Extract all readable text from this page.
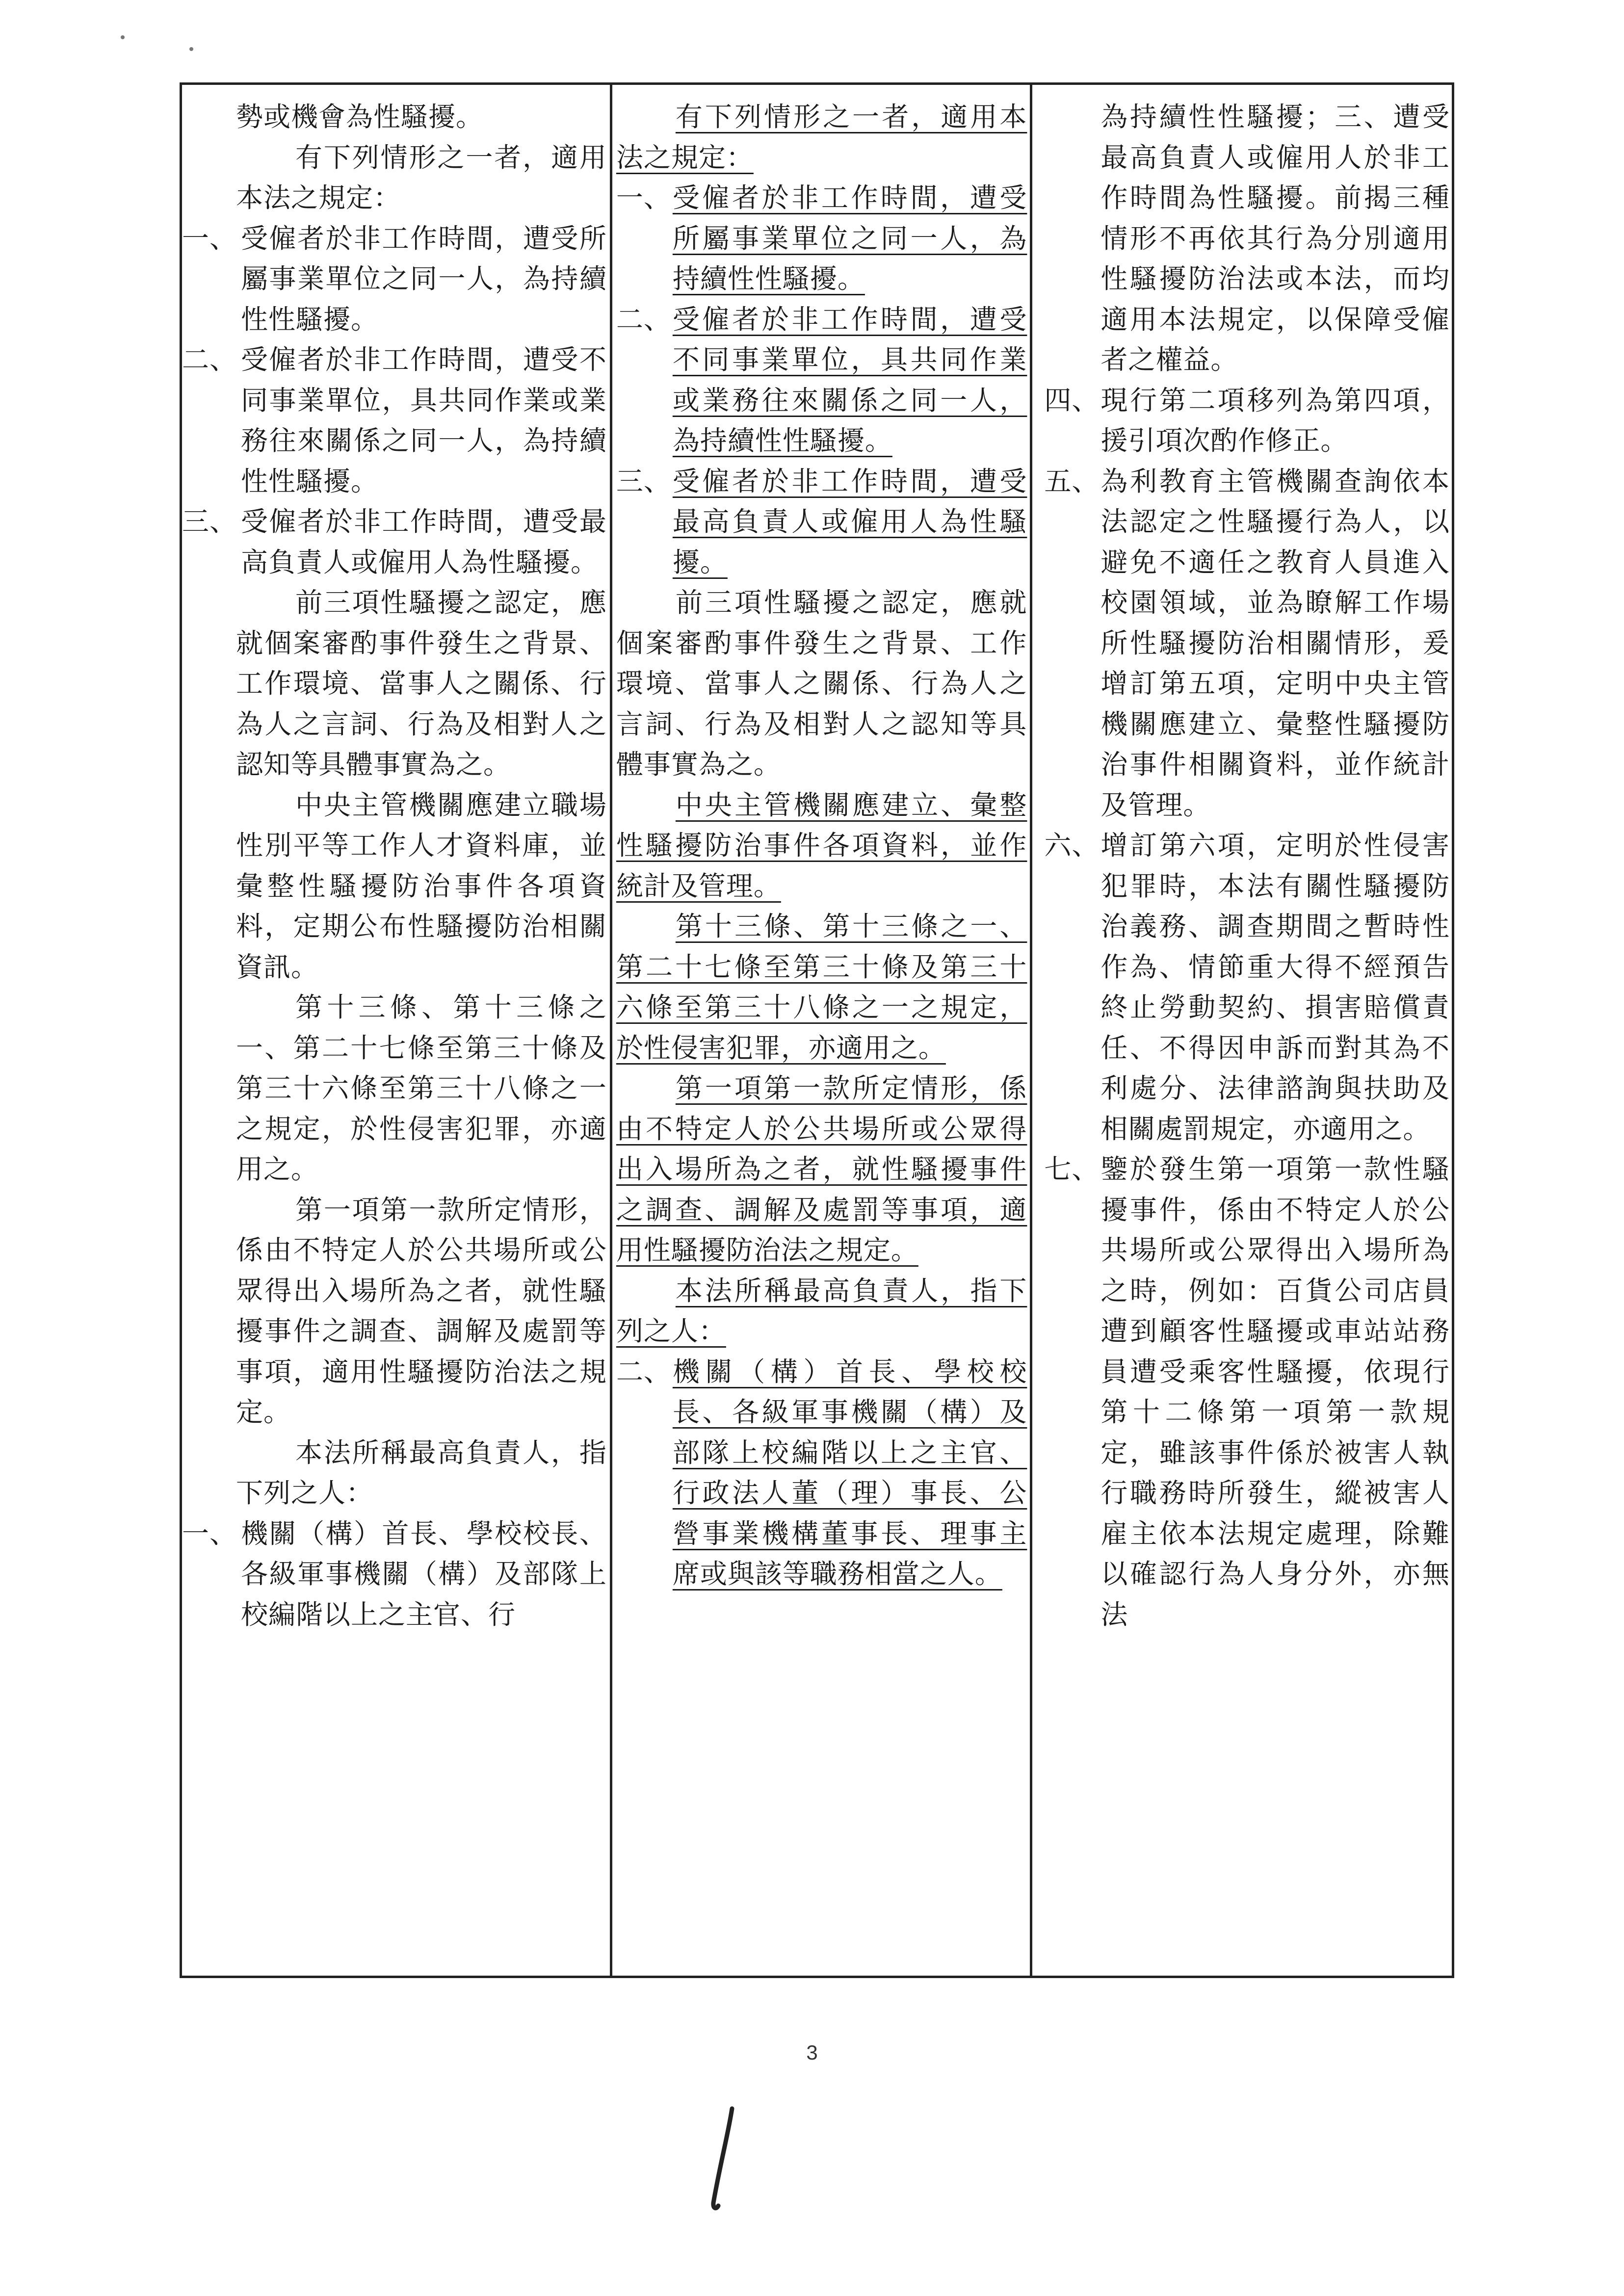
勢或機會為性騷擾。

有下列情形之一者，適用本法之規定：

一、 受僱者於非工作時間，遭受所屬事業單位之同一人，為持續性性騷擾。
二、 受僱者於非工作時間，遭受不同事業單位，具共同作業或業務往來關係之同一人，為持續性性騷擾。
三、 受僱者於非工作時間，遭受最高負責人或僱用人為性騷擾。

前三項性騷擾之認定，應就個案審酌事件發生之背景、工作環境、當事人之關係、行為人之言詞、行為及相對人之認知等具體事實為之。

中央主管機關應建立職場性別平等工作人才資料庫，並彙整性騷擾防治事件各項資料，定期公布性騷擾防治相關資訊。

第十三條、第十三條之一、第二十七條至第三十條及第三十六條至第三十八條之一之規定，於性侵害犯罪，亦適用之。

第一項第一款所定情形，係由不特定人於公共場所或公眾得出入場所為之者，就性騷擾事件之調查、調解及處罰等事項，適用性騷擾防治法之規定。

本法所稱最高負責人，指下列之人：

一、 機關（構）首長、學校校長、各級軍事機關（構）及部隊上校編階以上之主官、行

有下列情形之一者，適用本法之規定：

一、 受僱者於非工作時間，遭受所屬事業單位之同一人，為持續性性騷擾。
二、 受僱者於非工作時間，遭受不同事業單位，具共同作業或業務往來關係之同一人，為持續性性騷擾。
三、 受僱者於非工作時間，遭受最高負責人或僱用人為性騷擾。

前三項性騷擾之認定，應就個案審酌事件發生之背景、工作環境、當事人之關係、行為人之言詞、行為及相對人之認知等具體事實為之。

中央主管機關應建立、彙整性騷擾防治事件各項資料，並作統計及管理。

第十三條、第十三條之一、第二十七條至第三十條及第三十六條至第三十八條之一之規定，於性侵害犯罪，亦適用之。

第一項第一款所定情形，係由不特定人於公共場所或公眾得出入場所為之者，就性騷擾事件之調查、調解及處罰等事項，適用性騷擾防治法之規定。

本法所稱最高負責人，指下列之人：

二、 機關（構）首長、學校校長、各級軍事機關（構）及部隊上校編階以上之主官、行政法人董（理）事長、公營事業機構董事長、理事主席或與該等職務相當之人。
為持續性性騷擾；三、遭受最高負責人或僱用人於非工作時間為性騷擾。前揭三種情形不再依其行為分別適用性騷擾防治法或本法，而均適用本法規定，以保障受僱者之權益。
四、 現行第二項移列為第四項，援引項次酌作修正。
五、 為利教育主管機關查詢依本法認定之性騷擾行為人，以避免不適任之教育人員進入校園領域，並為瞭解工作場所性騷擾防治相關情形，爰增訂第五項，定明中央主管機關應建立、彙整性騷擾防治事件相關資料，並作統計及管理。
六、 增訂第六項，定明於性侵害犯罪時，本法有關性騷擾防治義務、調查期間之暫時性作為、情節重大得不經預告終止勞動契約、損害賠償責任、不得因申訴而對其為不利處分、法律諮詢與扶助及相關處罰規定，亦適用之。
七、 鑒於發生第一項第一款性騷擾事件，係由不特定人於公共場所或公眾得出入場所為之時，例如：百貨公司店員遭到顧客性騷擾或車站站務員遭受乘客性騷擾，依現行第十二條第一項第一款規定，雖該事件係於被害人執行職務時所發生，縱被害人雇主依本法規定處理，除難以確認行為人身分外，亦無法
3
